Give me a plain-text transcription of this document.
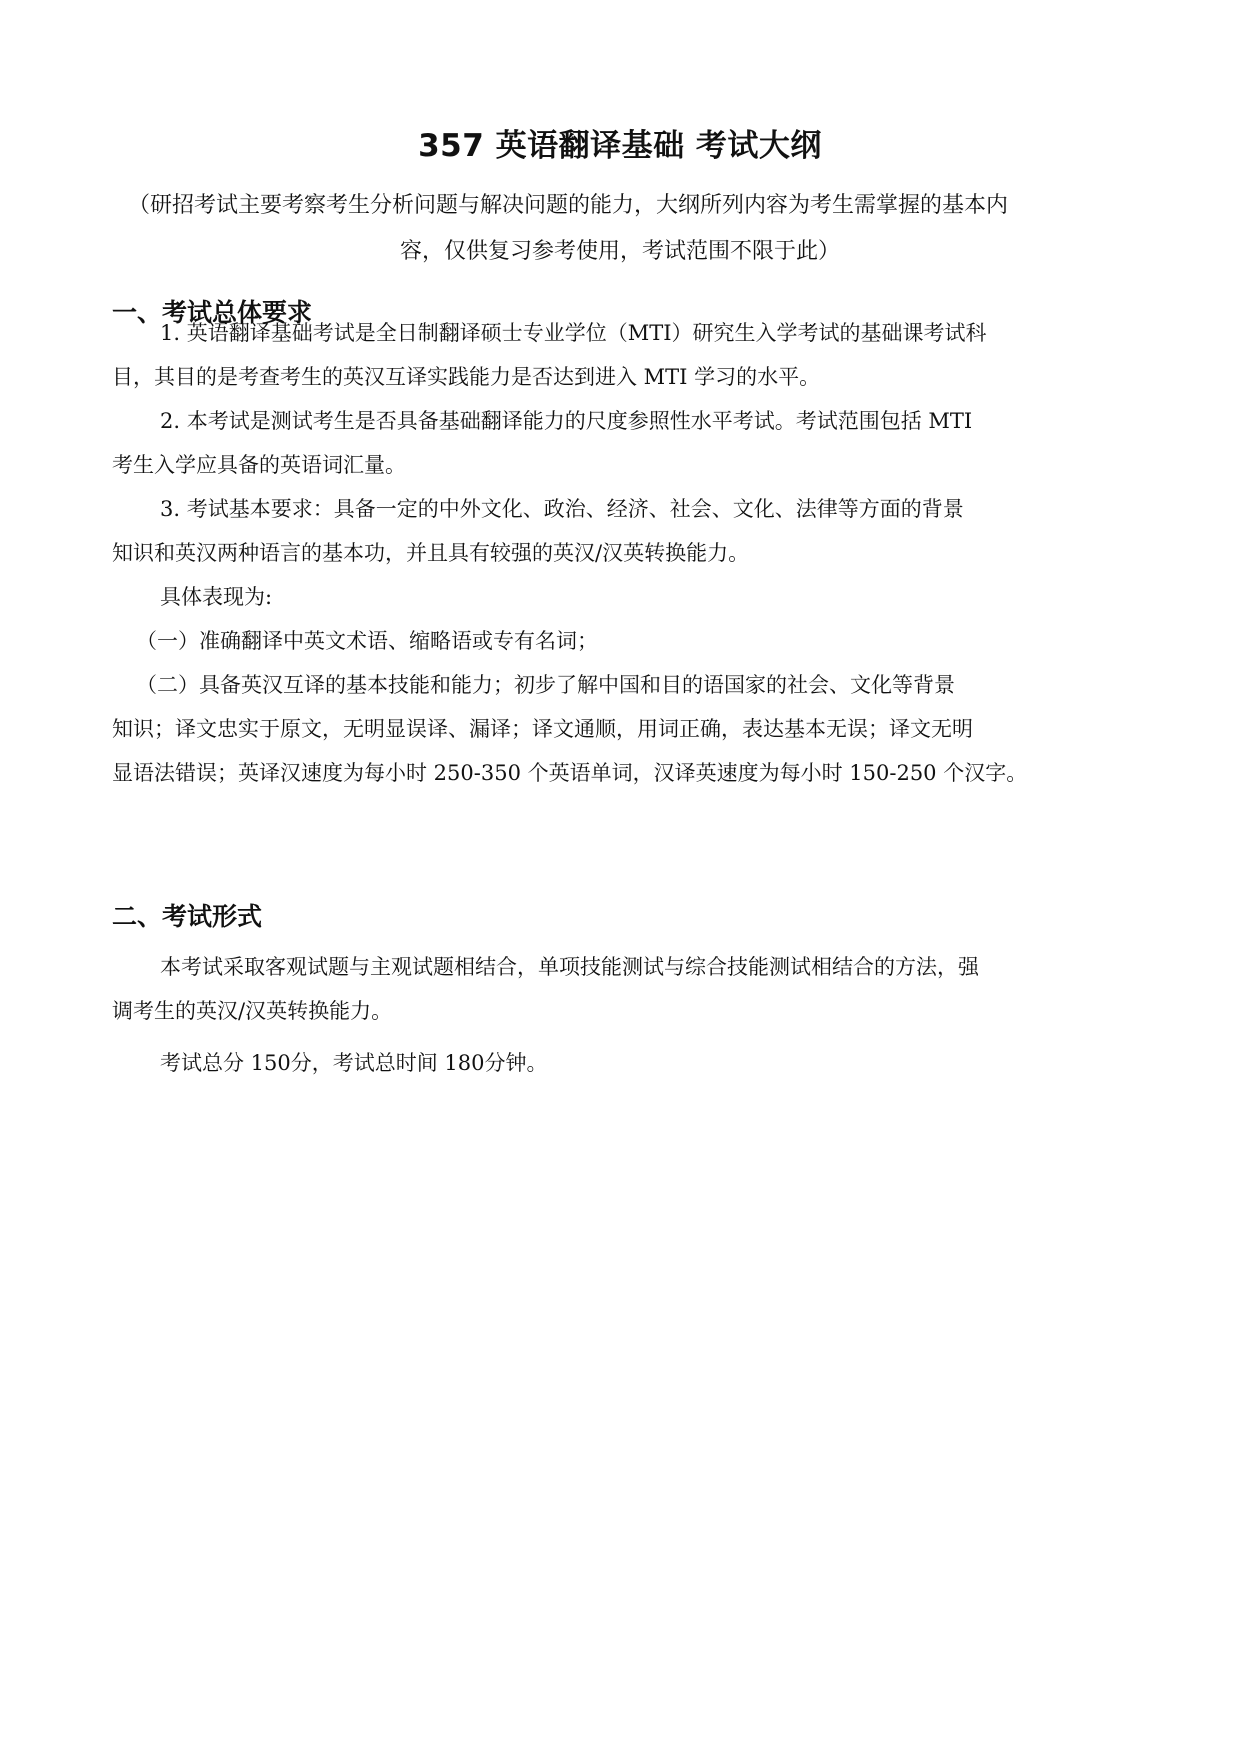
357 英语翻译基础 考试大纲
（研招考试主要考察考生分析问题与解决问题的能力，大纲所列内容为考生需掌握的基本内
容，仅供复习参考使用，考试范围不限于此）
一、考试总体要求
1. 英语翻译基础考试是全日制翻译硕士专业学位（MTI）研究生入学考试的基础课考试科
目，其目的是考查考生的英汉互译实践能力是否达到进入 MTI 学习的水平。
2. 本考试是测试考生是否具备基础翻译能力的尺度参照性水平考试。考试范围包括 MTI
考生入学应具备的英语词汇量。
3. 考试基本要求：具备一定的中外文化、政治、经济、社会、文化、法律等方面的背景
知识和英汉两种语言的基本功，并且具有较强的英汉/汉英转换能力。
具体表现为:
（一）准确翻译中英文术语、缩略语或专有名词；
（二）具备英汉互译的基本技能和能力；初步了解中国和目的语国家的社会、文化等背景
知识；译文忠实于原文，无明显误译、漏译；译文通顺，用词正确，表达基本无误；译文无明
显语法错误；英译汉速度为每小时 250-350 个英语单词，汉译英速度为每小时 150-250 个汉字。
二、考试形式
本考试采取客观试题与主观试题相结合，单项技能测试与综合技能测试相结合的方法，强
调考生的英汉/汉英转换能力。
考试总分 150分，考试总时间 180分钟。
